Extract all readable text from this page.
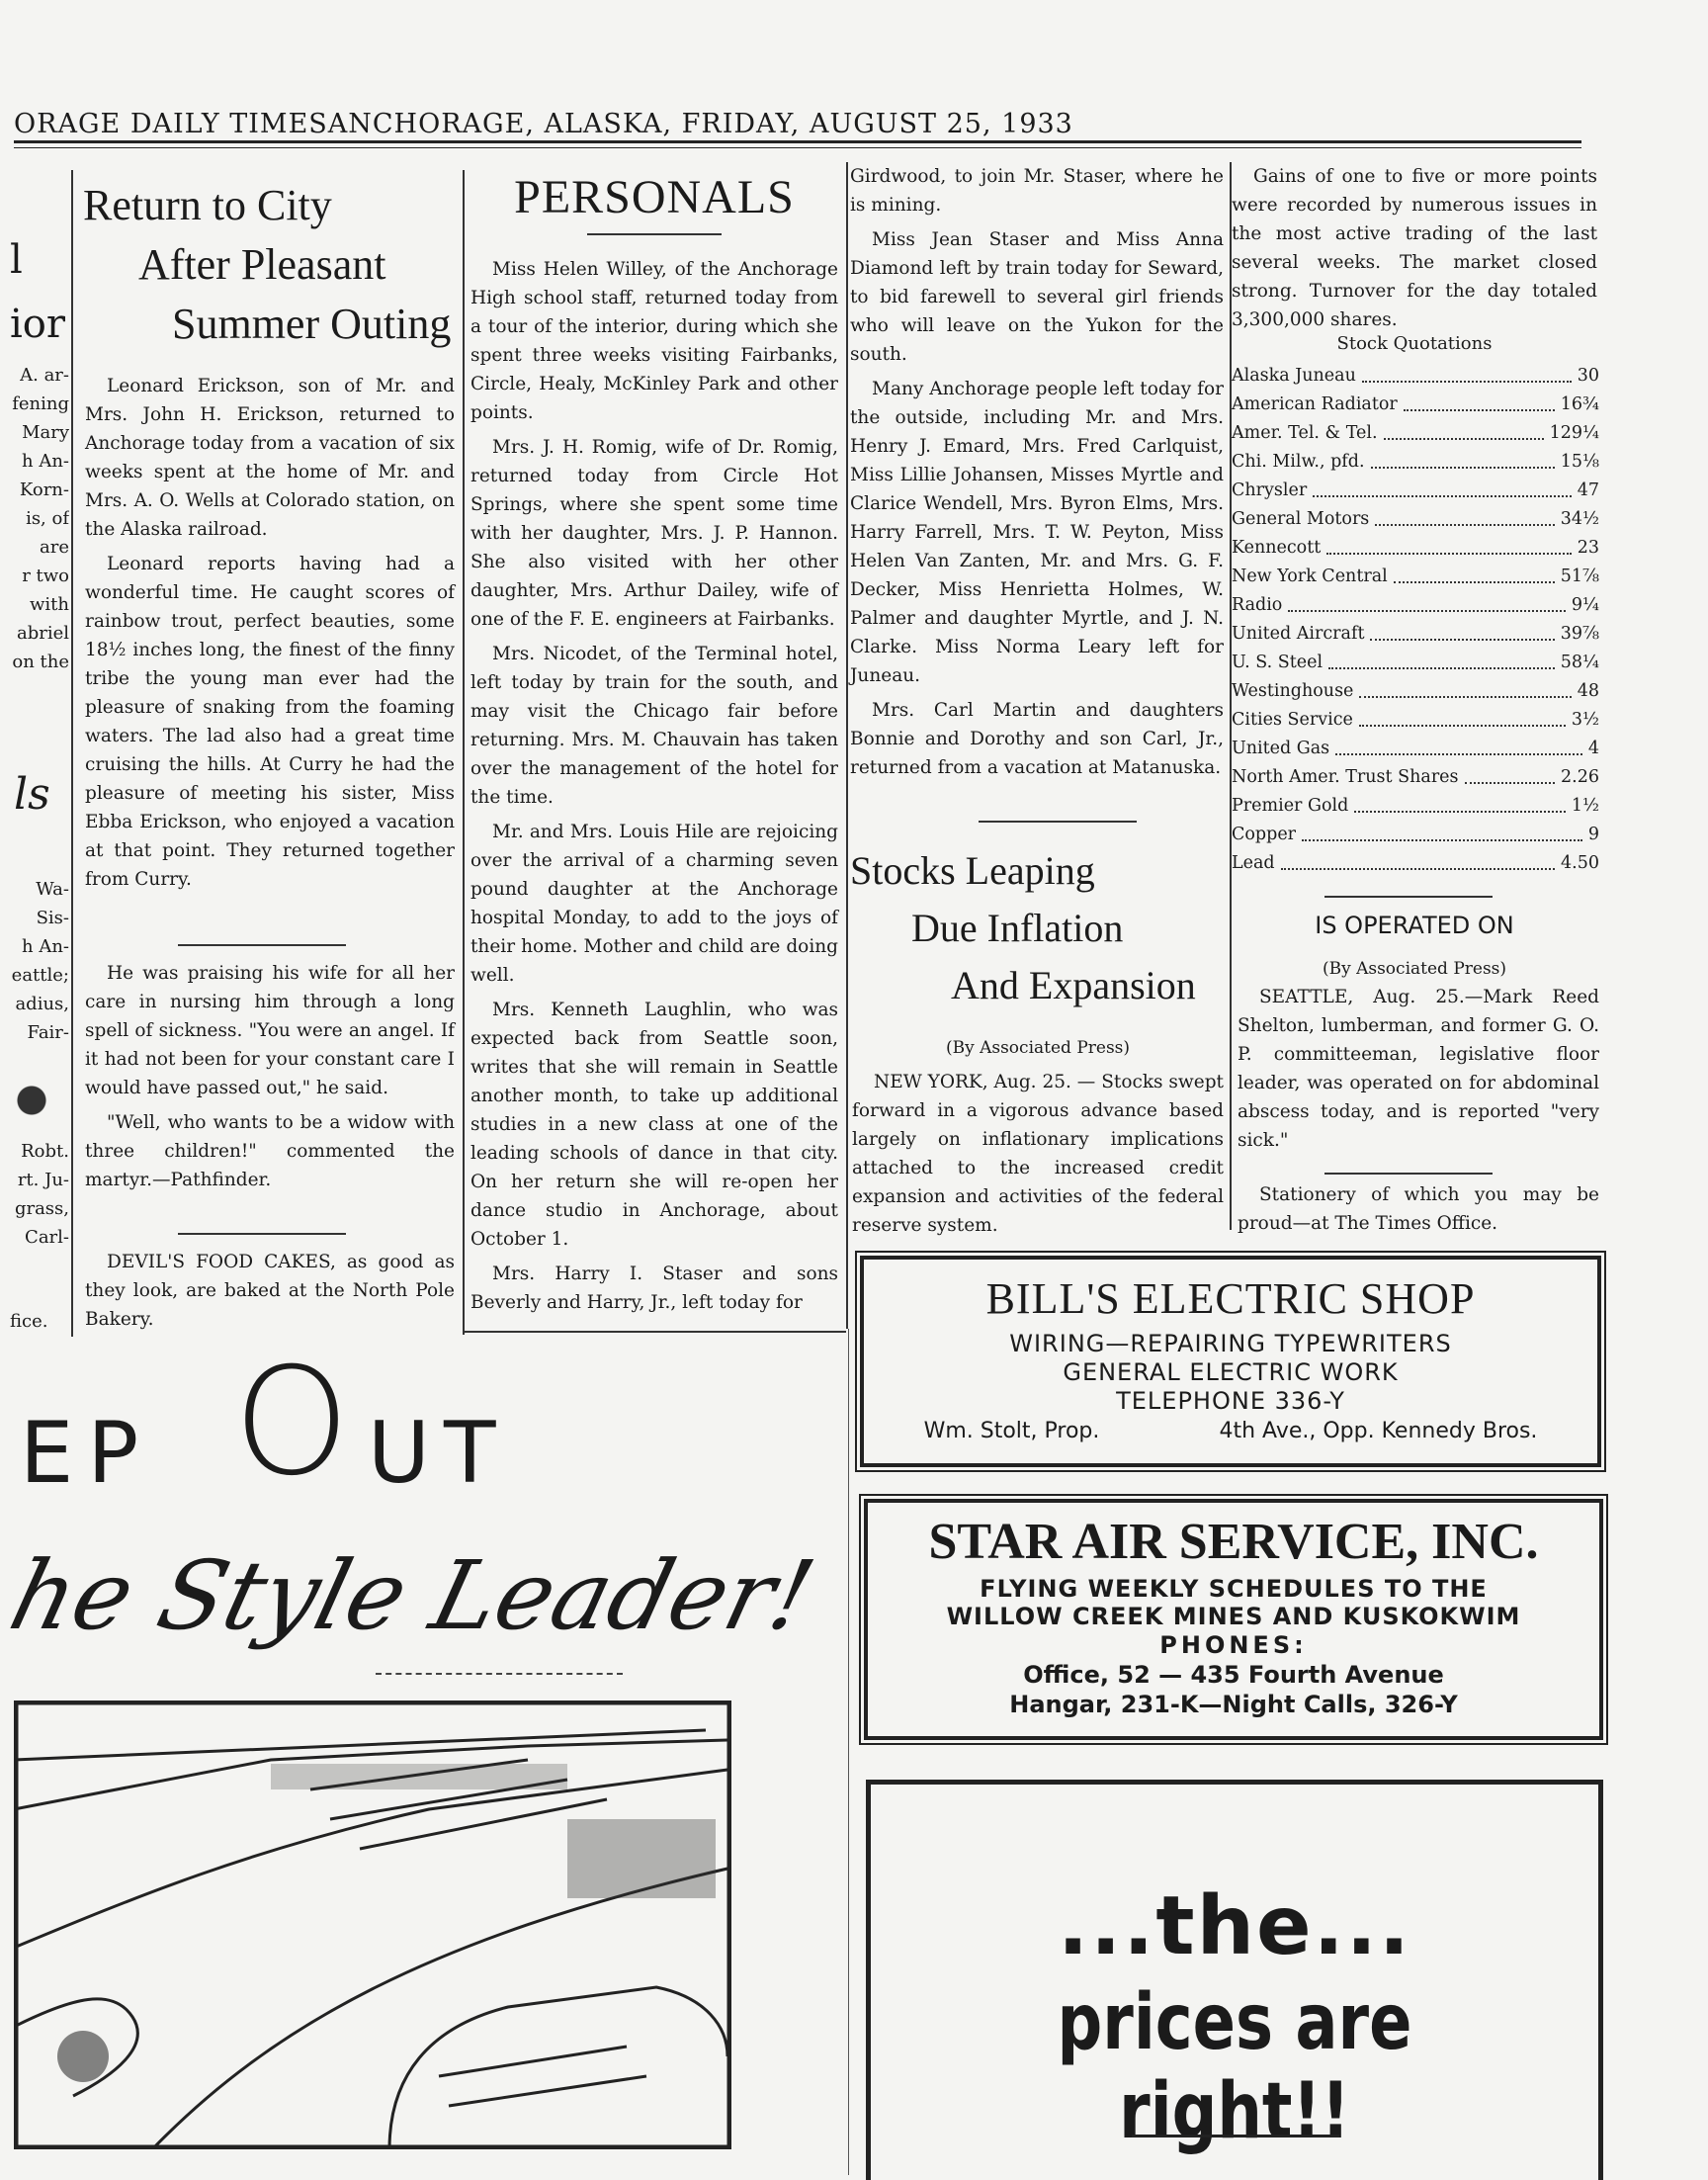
ORAGE DAILY TIMESANCHORAGE, ALASKA, FRIDAY, AUGUST 25, 1933
l
ior
A. ar-
fening
Mary
h An-
Korn-
is, of
are
r two
with
abriel
on the
ls
Wa-
Sis-
h An-
eattle;
adius,
Fair-
Robt.
rt. Ju-
grass,
Carl-
fice.
Return to City
After Pleasant
Summer Outing

Leonard Erickson, son of Mr. and Mrs. John H. Erickson, returned to Anchorage today from a vacation of six weeks spent at the home of Mr. and Mrs. A. O. Wells at Colorado station, on the Alaska railroad.

Leonard reports having had a wonderful time. He caught scores of rainbow trout, perfect beauties, some 18½ inches long, the finest of the finny tribe the young man ever had the pleasure of snaking from the foaming waters. The lad also had a great time cruising the hills. At Curry he had the pleasure of meeting his sister, Miss Ebba Erickson, who enjoyed a vacation at that point. They returned together from Curry.

He was praising his wife for all her care in nursing him through a long spell of sickness. "You were an angel. If it had not been for your constant care I would have passed out," he said.

"Well, who wants to be a widow with three children!" commented the martyr.—Pathfinder.

DEVIL'S FOOD CAKES, as good as they look, are baked at the North Pole Bakery.

PERSONALS

Miss Helen Willey, of the Anchorage High school staff, returned today from a tour of the interior, during which she spent three weeks visiting Fairbanks, Circle, Healy, McKinley Park and other points.

Mrs. J. H. Romig, wife of Dr. Romig, returned today from Circle Hot Springs, where she spent some time with her daughter, Mrs. J. P. Hannon. She also visited with her other daughter, Mrs. Arthur Dailey, wife of one of the F. E. engineers at Fairbanks.

Mrs. Nicodet, of the Terminal hotel, left today by train for the south, and may visit the Chicago fair before returning. Mrs. M. Chauvain has taken over the management of the hotel for the time.

Mr. and Mrs. Louis Hile are rejoicing over the arrival of a charming seven pound daughter at the Anchorage hospital Monday, to add to the joys of their home. Mother and child are doing well.

Mrs. Kenneth Laughlin, who was expected back from Seattle soon, writes that she will remain in Seattle another month, to take up additional studies in a new class at one of the leading schools of dance in that city. On her return she will re-open her dance studio in Anchorage, about October 1.

Mrs. Harry I. Staser and sons Beverly and Harry, Jr., left today for

Girdwood, to join Mr. Staser, where he is mining.

Miss Jean Staser and Miss Anna Diamond left by train today for Seward, to bid farewell to several girl friends who will leave on the Yukon for the south.

Many Anchorage people left today for the outside, including Mr. and Mrs. Henry J. Emard, Mrs. Fred Carlquist, Miss Lillie Johansen, Misses Myrtle and Clarice Wendell, Mrs. Byron Elms, Mrs. Harry Farrell, Mrs. T. W. Peyton, Miss Helen Van Zanten, Mr. and Mrs. G. F. Decker, Miss Henrietta Holmes, W. Palmer and daughter Myrtle, and J. N. Clarke. Miss Norma Leary left for Juneau.

Mrs. Carl Martin and daughters Bonnie and Dorothy and son Carl, Jr., returned from a vacation at Matanuska.

Stocks Leaping
Due Inflation
And Expansion
(By Associated Press)

NEW YORK, Aug. 25. — Stocks swept forward in a vigorous advance based largely on inflationary implications attached to the increased credit expansion and activities of the federal reserve system.

Gains of one to five or more points were recorded by numerous issues in the most active trading of the last several weeks. The market closed strong. Turnover for the day totaled 3,300,000 shares.

Stock Quotations
Alaska Juneau	30
American Radiator	16¾
Amer. Tel. & Tel.	129¼
Chi. Milw., pfd.	15⅛
Chrysler	47
General Motors	34½
Kennecott	23
New York Central	51⅞
Radio	9¼
United Aircraft	39⅞
U. S. Steel	58¼
Westinghouse	48
Cities Service	3½
United Gas	4
North Amer. Trust Shares	2.26
Premier Gold	1½
Copper	9
Lead	4.50
IS OPERATED ON
(By Associated Press)

SEATTLE, Aug. 25.—Mark Reed Shelton, lumberman, and former G. O. P. committeeman, legislative floor leader, was operated on for abdominal abscess today, and is reported "very sick."

Stationery of which you may be proud—at The Times Office.

EP O UT
he Style Leader!
BILL'S ELECTRIC SHOP
WIRING—REPAIRING TYPEWRITERS
GENERAL ELECTRIC WORK
TELEPHONE 336-Y
Wm. Stolt, Prop.	4th Ave., Opp. Kennedy Bros.
STAR AIR SERVICE, INC.
FLYING WEEKLY SCHEDULES TO THE
WILLOW CREEK MINES AND KUSKOKWIM
PHONES:
Office, 52 — 435 Fourth Avenue
Hangar, 231-K—Night Calls, 326-Y
...the...
prices are right!!
